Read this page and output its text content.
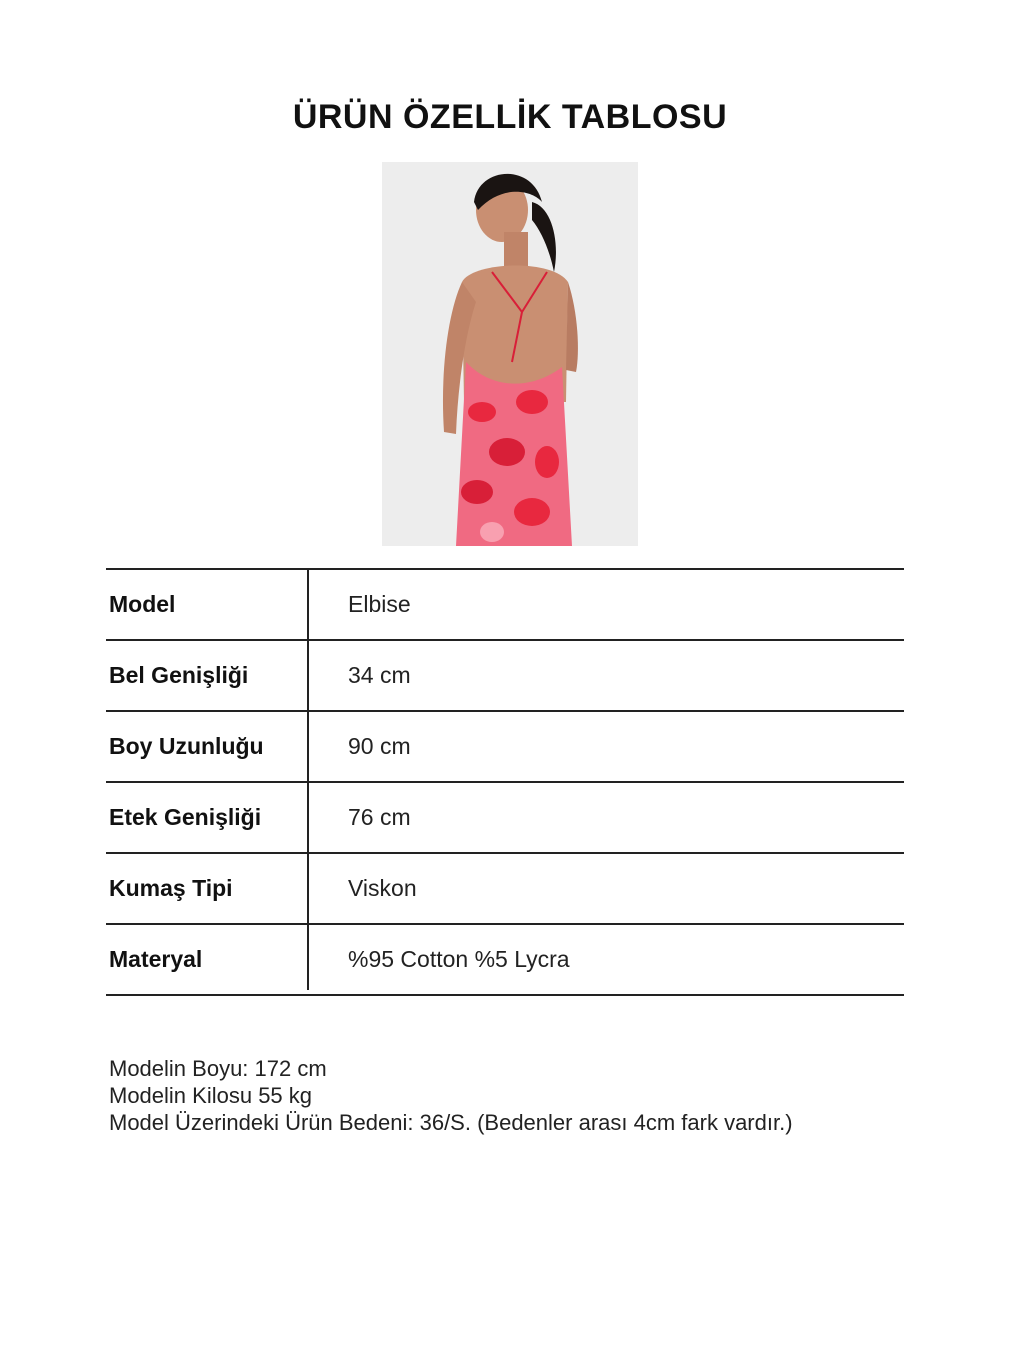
ÜRÜN ÖZELLİK TABLOSU
Model	Elbise
Bel Genişliği	34 cm
Boy Uzunluğu	90 cm
Etek Genişliği	76 cm
Kumaş Tipi	Viskon
Materyal	%95 Cotton %5 Lycra
Modelin Boyu: 172 cm
Modelin Kilosu 55 kg
Model Üzerindeki Ürün Bedeni: 36/S. (Bedenler arası 4cm fark vardır.)
